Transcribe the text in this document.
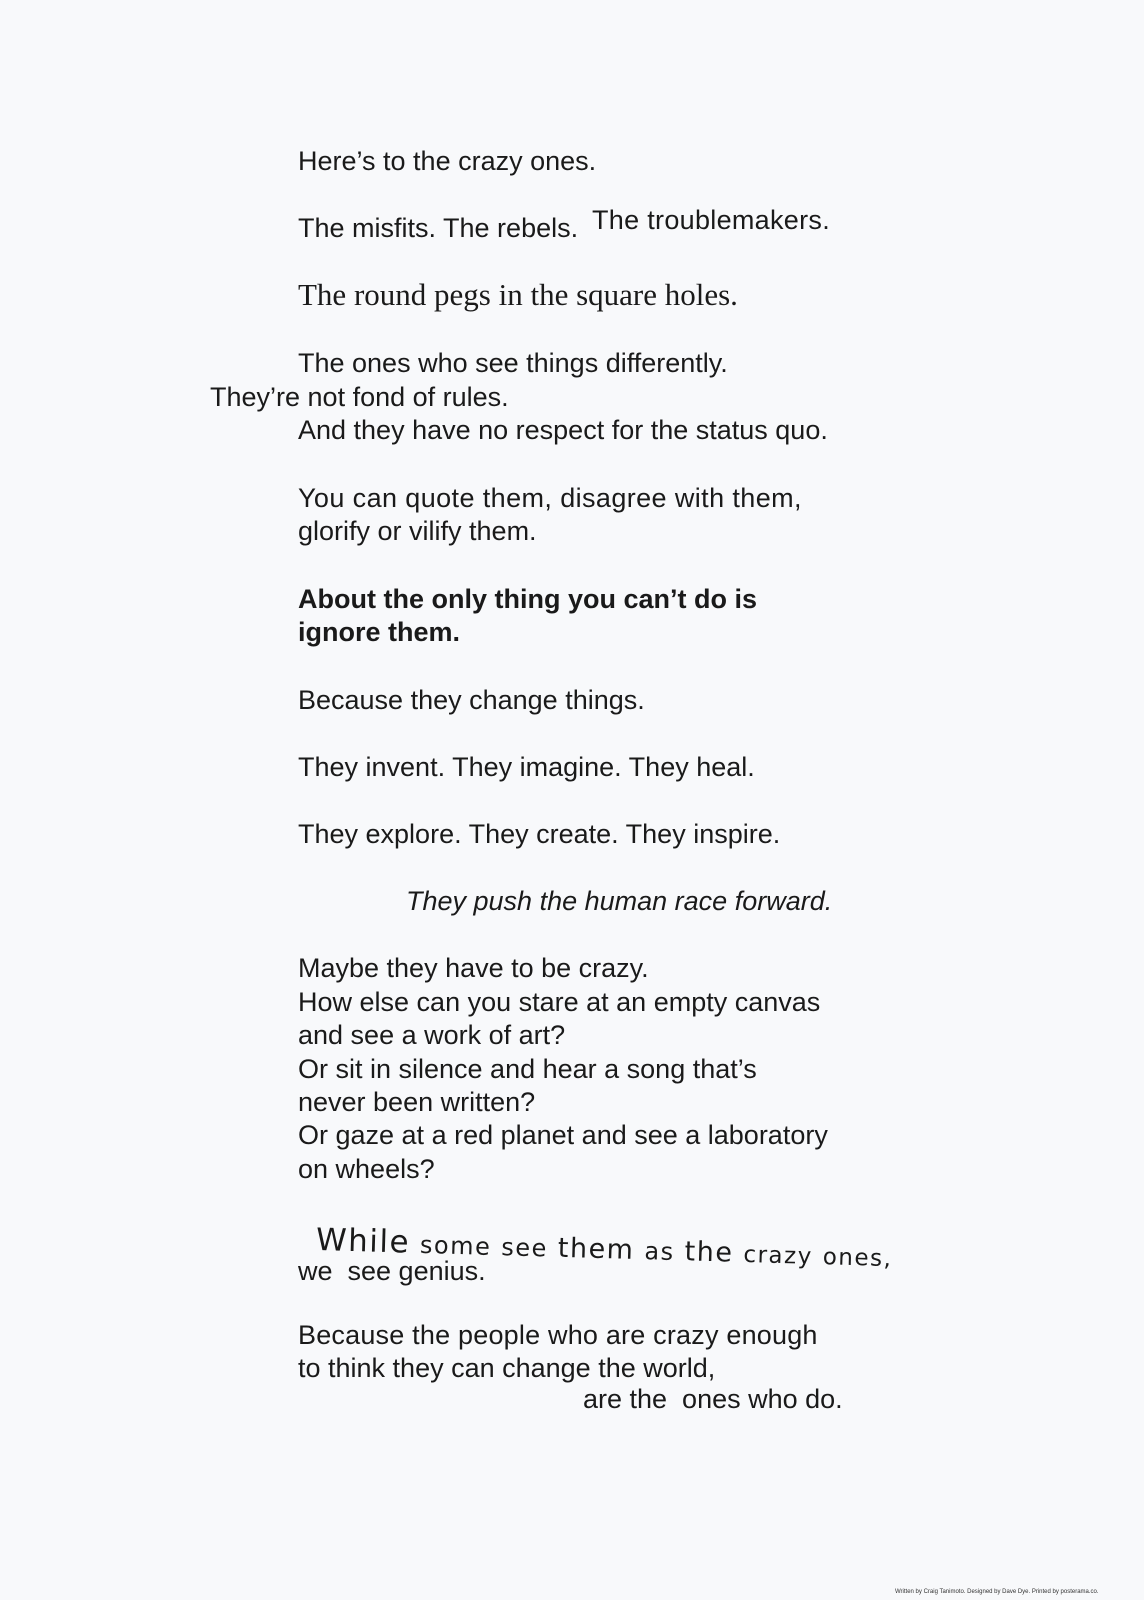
Here’s to the crazy ones.
The misfits. The rebels. The troublemakers.
The round pegs in the square holes.
The ones who see things differently.
They’re not fond of rules.
And they have no respect for the status quo.
You can quote them, disagree with them,
glorify or vilify them.
About the only thing you can’t do is
ignore them.
Because they change things.
They invent. They imagine. They heal.
They explore. They create. They inspire.
They push the human race forward.
Maybe they have to be crazy.
How else can you stare at an empty canvas
and see a work of art?
Or sit in silence and hear a song that’s
never been written?
Or gaze at a red planet and see a laboratory
on wheels?
While some see them as the crazy ones,
we  see genius.
Because the people who are crazy enough
to think they can change the world,
are the  ones who do.
Written by Craig Tanimoto. Designed by Dave Dye. Printed by posterama.co.
